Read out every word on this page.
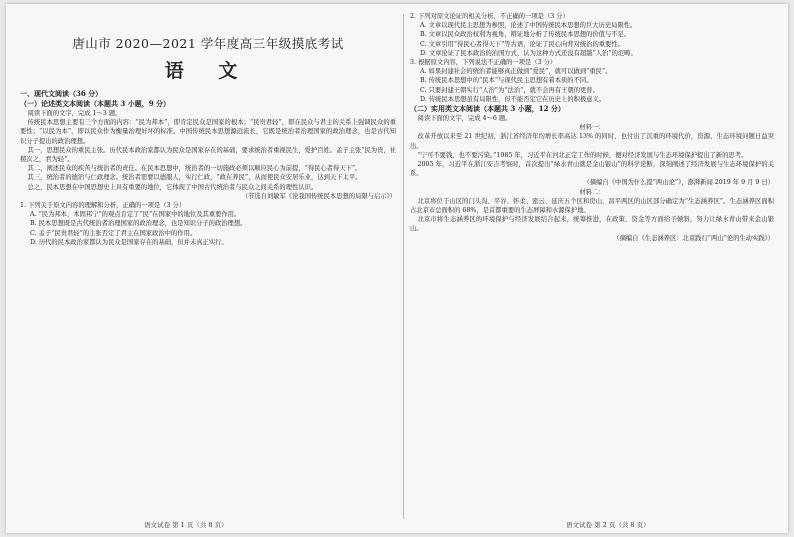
唐山市 2020—2021 学年度高三年级摸底考试
语 文

一、现代文阅读（36 分）

（一）论述类文本阅读（本题共 3 小题，9 分）

阅读下面的文字，完成 1～3 题。

传统民本思想主要有三个方面的内容：“民为邦本”，即肯定民众是国家的根本；“民贵君轻”，即在民众与君主的关系上强调民众的重要性；“以民为本”，即以民众作为衡量治理好坏的标准。中国传统民本思想源远流长，它既是统治者治理国家的政治理念，也是古代知识分子提出的政治理想。

其一，思想民众的重民主张。历代民本政治家都认为民众是国家存在的基础，要求统治者重视民生，爱护百姓。孟子主张“民为贵，社稷次之，君为轻”。

其二，阐述民众的疾苦与统治者的责任。在民本思想中，统治者的一切施政必须以顺应民心为前提，“得民心者得天下”。

其三，统治者的德治与仁政理念。统治者需要以德服人，实行仁政，“政在养民”，从而使民众安居乐业，达到天下太平。

总之，民本思想在中国思想史上具有重要的地位，它体现了中国古代统治者与民众之间关系的理性认识。

（节选自刘敏军《论我国传统民本思想的局限与启示》）

1. 下列关于原文内容的理解和分析，正确的一项是（3 分）

A. “民为邦本，本固邦宁”的观点肯定了“民”在国家中的地位及其重要作用。

B. 民本思想既是古代统治者治理国家的政治理念，也是知识分子的政治理想。

C. 孟子“民贵君轻”的主张否定了君主在国家政治中的作用。

D. 历代的民本政治家都认为民众是国家存在的基础，但并未真正实行。

2. 下列对原文论证的相关分析，不正确的一项是（3 分）

A. 文章以现代民主思想为参照，论述了中国传统民本思想的巨大历史局限性。

B. 文章以民众政治权利为视角，辩证地分析了传统民本思想的价值与不足。

C. 文章引用“得民心者得天下”等古语，论证了民心向背对统治的重要性。

D. 文章论证了民本政治的治国方式，认为这种方式还没有超越“人治”的范畴。

3. 根据原文内容，下列说法不正确的一项是（3 分）

A. 如果封建社会的统治者能够真正做到“爱民”，就可以做到“重民”。

B. 传统民本思想中的“民本”与现代民主思想有着本质的不同。

C. 只要封建王朝实行“人治”为“法治”，就不会再有王朝的更替。

D. 传统民本思想虽有局限性，但不能否定它在历史上的积极意义。

（二）实用类文本阅读（本题共 3 小题，12 分）

阅读下面的文字，完成 4～6 题。

材料一：

改革开放以来至 21 世纪初，浙江省经济年均增长率高达 13% 的同时，也付出了沉重的环境代价，资源、生态环境问题日益突出。

“宁可不要钱，也不要污染。”1985 年，习近平在河北正定工作的时候，便对经济发展与生态环境保护提出了新的思考。

2005 年，习近平在浙江安吉考察时，首次提出“绿水青山就是金山银山”的科学论断，深刻阐述了经济发展与生态环境保护的关系。

（摘编自《中国为什么提“两山论”》，澎湃新闻 2019 年 9 月 9 日）

材料二：

北京将位于山区的门头沟、平谷、怀柔、密云、延庆五个区和房山、昌平两区的山区部分确定为“生态涵养区”。生态涵养区面积占北京市总面积的 68%，是首都重要的生态屏障和水源保护地。

北京市将生态涵养区的环境保护与经济发展结合起来，统筹推进，在政策、资金等方面给予倾斜，努力让绿水青山带来金山银山。

（摘编自《生态涵养区：北京践行“两山”论的生动实践》）

语文试卷 第 1 页（共 8 页）	语文试卷 第 2 页（共 8 页）
